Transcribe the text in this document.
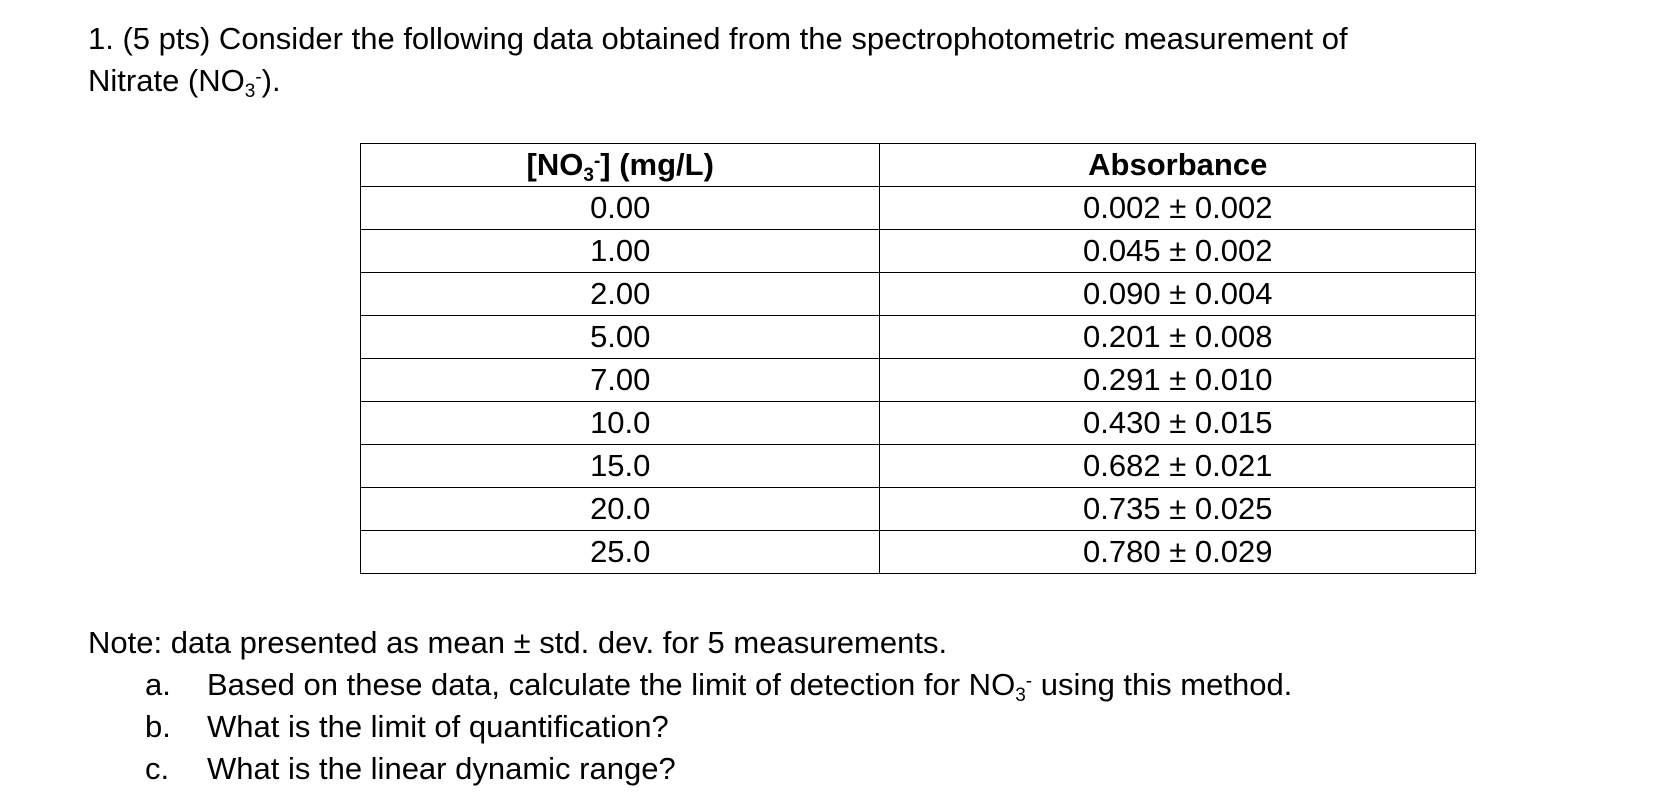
1. (5 pts) Consider the following data obtained from the spectrophotometric measurement of
Nitrate $(NO_3^-)$.
$[NO_3^-]$ (mg/L)	Absorbance
0.00	0.002 ± 0.002
1.00	0.045 ± 0.002
2.00	0.090 ± 0.004
5.00	0.201 ± 0.008
7.00	0.291 ± 0.010
10.0	0.430 ± 0.015
15.0	0.682 ± 0.021
20.0	0.735 ± 0.025
25.0	0.780 ± 0.029
Note: data presented as mean ± std. dev. for 5 measurements.
a. Based on these data, calculate the limit of detection for $NO_3^-$ using this method.
b. What is the limit of quantification?
c. What is the linear dynamic range?
